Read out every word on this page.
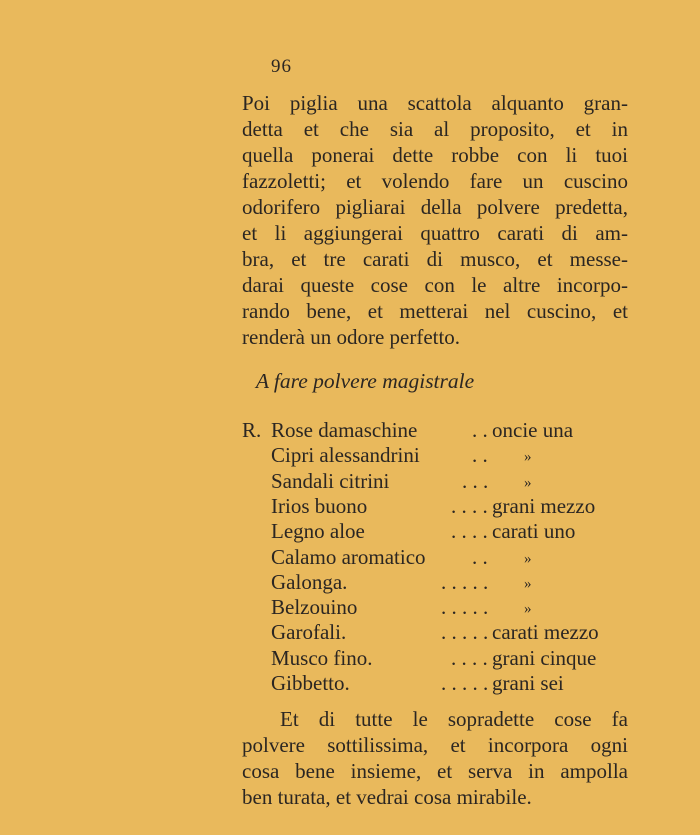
96
Poi piglia una scattola alquanto gran-
detta et che sia al proposito, et in
quella ponerai dette robbe con li tuoi
fazzoletti; et volendo fare un cuscino
odorifero pigliarai della polvere predetta,
et li aggiungerai quattro carati di am-
bra, et tre carati di musco, et messe-
darai queste cose con le altre incorpo-
rando bene, et metterai nel cuscino, et
renderà un odore perfetto.
A fare polvere magistrale
R. Rose damaschine	. . oncie una
Cipri alessandrini . . »
Sandali citrini	. . . »
Irios buono	. . . . grani mezzo
Legno aloe	. . . . carati uno
Calamo aromatico . . »
Galonga.	. . . . . »
Belzouino	. . . . . »
Garofali.	. . . . . carati mezzo
Musco fino.	. . . . grani cinque
Gibbetto.	. . . . . grani sei
Et di tutte le sopradette cose fa
polvere sottilissima, et incorpora ogni
cosa bene insieme, et serva in ampolla
ben turata, et vedrai cosa mirabile.
